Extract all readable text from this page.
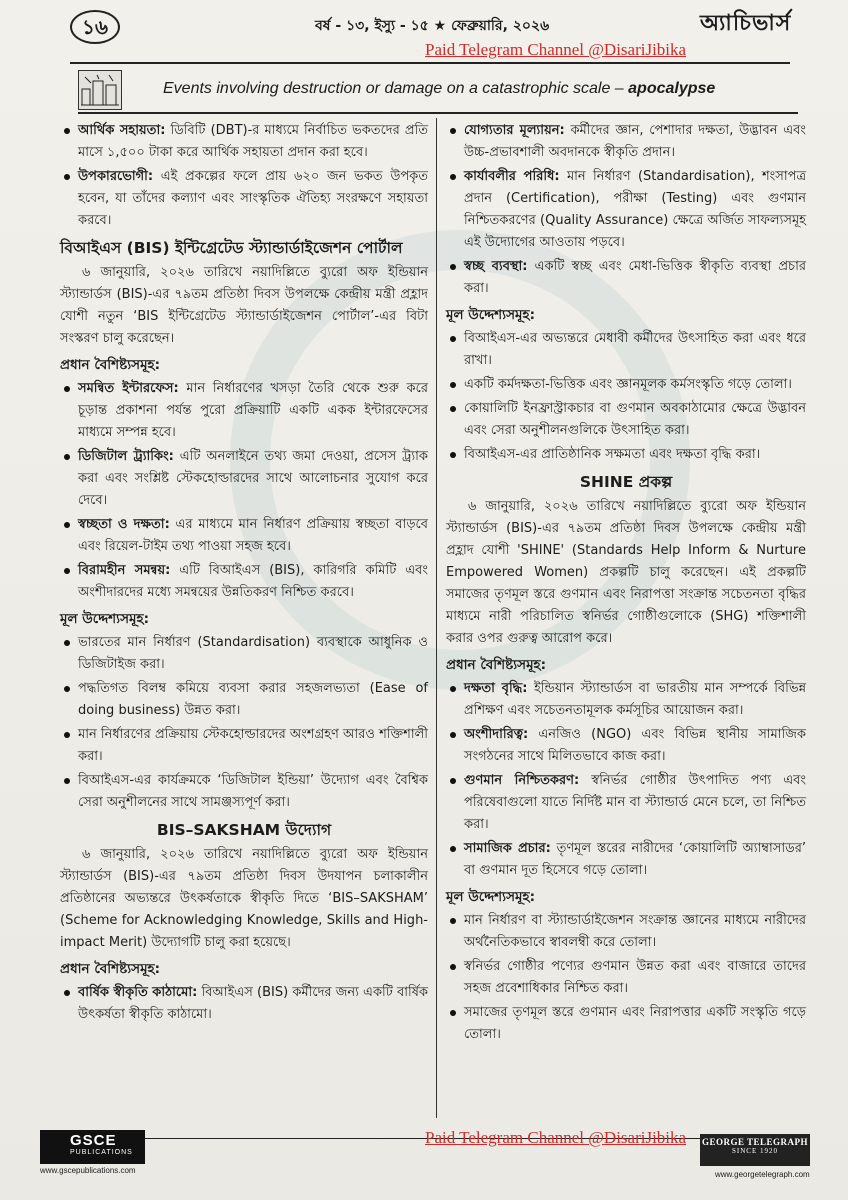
১৬	বর্ষ - ১৩, ইস্যু - ১৫ ★ ফেব্রুয়ারি, ২০২৬	অ্যাচিভার্স
Paid Telegram Channel @DisariJibika
Events involving destruction or damage on a catastrophic scale – apocalypse
আর্থিক সহায়তা: ডিবিটি (DBT)-র মাধ্যমে নির্বাচিত ভকতদের প্রতি মাসে ১,৫০০ টাকা করে আর্থিক সহায়তা প্রদান করা হবে।
উপকারভোগী: এই প্রকল্পের ফলে প্রায় ৬২০ জন ভকত উপকৃত হবেন, যা তাঁদের কল্যাণ এবং সাংস্কৃতিক ঐতিহ্য সংরক্ষণে সহায়তা করবে।
বিআইএস (BIS) ইন্টিগ্রেটেড স্ট্যান্ডার্ডাইজেশন পোর্টাল
৬ জানুয়ারি, ২০২৬ তারিখে নয়াদিল্লিতে ব্যুরো অফ ইন্ডিয়ান স্ট্যান্ডার্ডস (BIS)-এর ৭৯তম প্রতিষ্ঠা দিবস উপলক্ষে কেন্দ্রীয় মন্ত্রী প্রহ্লাদ যোশী নতুন ‘BIS ইন্টিগ্রেটেড স্ট্যান্ডার্ডাইজেশন পোর্টাল’-এর বিটা সংস্করণ চালু করেছেন।
প্রধান বৈশিষ্ট্যসমূহ:
সমন্বিত ইন্টারফেস: মান নির্ধারণের খসড়া তৈরি থেকে শুরু করে চূড়ান্ত প্রকাশনা পর্যন্ত পুরো প্রক্রিয়াটি একটি একক ইন্টারফেসের মাধ্যমে সম্পন্ন হবে।
ডিজিটাল ট্র্যাকিং: এটি অনলাইনে তথ্য জমা দেওয়া, প্রসেস ট্র্যাক করা এবং সংশ্লিষ্ট স্টেকহোল্ডারদের সাথে আলোচনার সুযোগ করে দেবে।
স্বচ্ছতা ও দক্ষতা: এর মাধ্যমে মান নির্ধারণ প্রক্রিয়ায় স্বচ্ছতা বাড়বে এবং রিয়েল-টাইম তথ্য পাওয়া সহজ হবে।
বিরামহীন সমন্বয়: এটি বিআইএস (BIS), কারিগরি কমিটি এবং অংশীদারদের মধ্যে সমন্বয়ের উন্নতিকরণ নিশ্চিত করবে।
মূল উদ্দেশ্যসমূহ:
ভারতের মান নির্ধারণ (Standardisation) ব্যবস্থাকে আধুনিক ও ডিজিটাইজ করা।
পদ্ধতিগত বিলম্ব কমিয়ে ব্যবসা করার সহজলভ্যতা (Ease of doing business) উন্নত করা।
মান নির্ধারণের প্রক্রিয়ায় স্টেকহোল্ডারদের অংশগ্রহণ আরও শক্তিশালী করা।
বিআইএস-এর কার্যক্রমকে ‘ডিজিটাল ইন্ডিয়া’ উদ্যোগ এবং বৈশ্বিক সেরা অনুশীলনের সাথে সামঞ্জস্যপূর্ণ করা।
BIS–SAKSHAM উদ্যোগ
৬ জানুয়ারি, ২০২৬ তারিখে নয়াদিল্লিতে ব্যুরো অফ ইন্ডিয়ান স্ট্যান্ডার্ডস (BIS)-এর ৭৯তম প্রতিষ্ঠা দিবস উদযাপন চলাকালীন প্রতিষ্ঠানের অভ্যন্তরে উৎকর্ষতাকে স্বীকৃতি দিতে ‘BIS–SAKSHAM’ (Scheme for Acknowledging Knowledge, Skills and High-impact Merit) উদ্যোগটি চালু করা হয়েছে।
প্রধান বৈশিষ্ট্যসমূহ:
বার্ষিক স্বীকৃতি কাঠামো: বিআইএস (BIS) কর্মীদের জন্য একটি বার্ষিক উৎকর্ষতা স্বীকৃতি কাঠামো।
যোগ্যতার মূল্যায়ন: কর্মীদের জ্ঞান, পেশাদার দক্ষতা, উদ্ভাবন এবং উচ্চ-প্রভাবশালী অবদানকে স্বীকৃতি প্রদান।
কার্যাবলীর পরিধি: মান নির্ধারণ (Standardisation), শংসাপত্র প্রদান (Certification), পরীক্ষা (Testing) এবং গুণমান নিশ্চিতকরণের (Quality Assurance) ক্ষেত্রে অর্জিত সাফল্যসমূহ এই উদ্যোগের আওতায় পড়বে।
স্বচ্ছ ব্যবস্থা: একটি স্বচ্ছ এবং মেধা-ভিত্তিক স্বীকৃতি ব্যবস্থা প্রচার করা।
মূল উদ্দেশ্যসমূহ:
বিআইএস-এর অভ্যন্তরে মেধাবী কর্মীদের উৎসাহিত করা এবং ধরে রাখা।
একটি কর্মদক্ষতা-ভিত্তিক এবং জ্ঞানমূলক কর্মসংস্কৃতি গড়ে তোলা।
কোয়ালিটি ইনফ্রাস্ট্রাকচার বা গুণমান অবকাঠামোর ক্ষেত্রে উদ্ভাবন এবং সেরা অনুশীলনগুলিকে উৎসাহিত করা।
বিআইএস-এর প্রাতিষ্ঠানিক সক্ষমতা এবং দক্ষতা বৃদ্ধি করা।
SHINE প্রকল্প
৬ জানুয়ারি, ২০২৬ তারিখে নয়াদিল্লিতে ব্যুরো অফ ইন্ডিয়ান স্ট্যান্ডার্ডস (BIS)-এর ৭৯তম প্রতিষ্ঠা দিবস উপলক্ষে কেন্দ্রীয় মন্ত্রী প্রহ্লাদ যোশী 'SHINE' (Standards Help Inform & Nurture Empowered Women) প্রকল্পটি চালু করেছেন। এই প্রকল্পটি সমাজের তৃণমূল স্তরে গুণমান এবং নিরাপত্তা সংক্রান্ত সচেতনতা বৃদ্ধির মাধ্যমে নারী পরিচালিত স্বনির্ভর গোষ্ঠীগুলোকে (SHG) শক্তিশালী করার ওপর গুরুত্ব আরোপ করে।
প্রধান বৈশিষ্ট্যসমূহ:
দক্ষতা বৃদ্ধি: ইন্ডিয়ান স্ট্যান্ডার্ডস বা ভারতীয় মান সম্পর্কে বিভিন্ন প্রশিক্ষণ এবং সচেতনতামূলক কর্মসূচির আয়োজন করা।
অংশীদারিত্ব: এনজিও (NGO) এবং বিভিন্ন স্থানীয় সামাজিক সংগঠনের সাথে মিলিতভাবে কাজ করা।
গুণমান নিশ্চিতকরণ: স্বনির্ভর গোষ্ঠীর উৎপাদিত পণ্য এবং পরিষেবাগুলো যাতে নির্দিষ্ট মান বা স্ট্যান্ডার্ড মেনে চলে, তা নিশ্চিত করা।
সামাজিক প্রচার: তৃণমূল স্তরের নারীদের ‘কোয়ালিটি অ্যাম্বাসাডর’ বা গুণমান দূত হিসেবে গড়ে তোলা।
মূল উদ্দেশ্যসমূহ:
মান নির্ধারণ বা স্ট্যান্ডার্ডাইজেশন সংক্রান্ত জ্ঞানের মাধ্যমে নারীদের অর্থনৈতিকভাবে স্বাবলম্বী করে তোলা।
স্বনির্ভর গোষ্ঠীর পণ্যের গুণমান উন্নত করা এবং বাজারে তাদের সহজ প্রবেশাধিকার নিশ্চিত করা।
সমাজের তৃণমূল স্তরে গুণমান এবং নিরাপত্তার একটি সংস্কৃতি গড়ে তোলা।
Paid Telegram Channel @DisariJibika
GSCE
PUBLICATIONS
www.gscepublications.com
GEORGE TELEGRAPH
SINCE 1920
www.georgetelegraph.com
